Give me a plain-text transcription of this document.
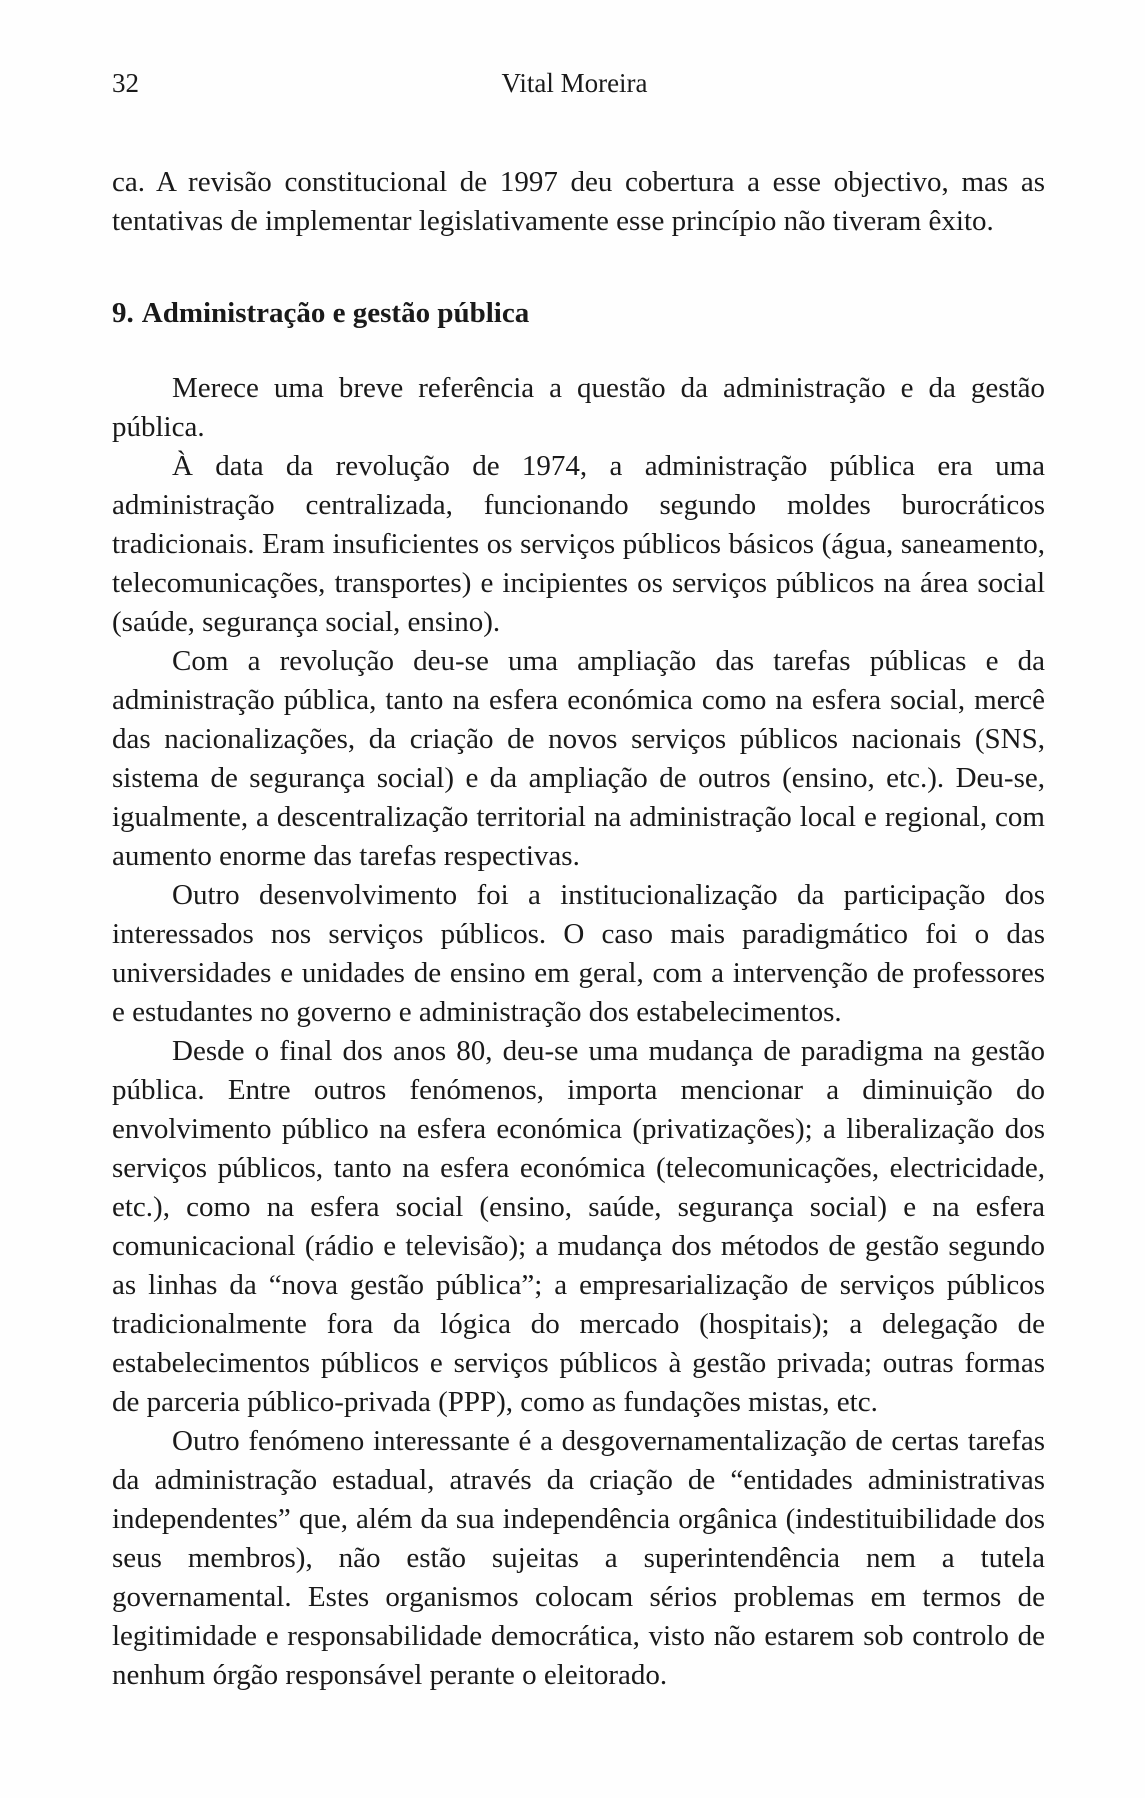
32	Vital Moreira

ca. A revisão constitucional de 1997 deu cobertura a esse objectivo, mas as tentativas de implementar legislativamente esse princípio não tiveram êxito.

9. Administração e gestão pública

Merece uma breve referência a questão da administração e da gestão pública.

À data da revolução de 1974, a administração pública era uma administração centralizada, funcionando segundo moldes burocráticos tradicionais. Eram insuficientes os serviços públicos básicos (água, saneamento, telecomunicações, transportes) e incipientes os serviços públicos na área social (saúde, segurança social, ensino).

Com a revolução deu-se uma ampliação das tarefas públicas e da administração pública, tanto na esfera económica como na esfera social, mercê das nacionalizações, da criação de novos serviços públicos nacionais (SNS, sistema de segurança social) e da ampliação de outros (ensino, etc.). Deu-se, igualmente, a descentralização territorial na administração local e regional, com aumento enorme das tarefas respectivas.

Outro desenvolvimento foi a institucionalização da participação dos interessados nos serviços públicos. O caso mais paradigmático foi o das universidades e unidades de ensino em geral, com a intervenção de professores e estudantes no governo e administração dos estabelecimentos.

Desde o final dos anos 80, deu-se uma mudança de paradigma na gestão pública. Entre outros fenómenos, importa mencionar a diminuição do envolvimento público na esfera económica (privatizações); a liberalização dos serviços públicos, tanto na esfera económica (telecomunicações, electricidade, etc.), como na esfera social (ensino, saúde, segurança social) e na esfera comunicacional (rádio e televisão); a mudança dos métodos de gestão segundo as linhas da “nova gestão pública”; a empresarialização de serviços públicos tradicionalmente fora da lógica do mercado (hospitais); a delegação de estabelecimentos públicos e serviços públicos à gestão privada; outras formas de parceria público-privada (PPP), como as fundações mistas, etc.

Outro fenómeno interessante é a desgovernamentalização de certas tarefas da administração estadual, através da criação de “entidades administrativas independentes” que, além da sua independência orgânica (indestituibilidade dos seus membros), não estão sujeitas a superintendência nem a tutela governamental. Estes organismos colocam sérios problemas em termos de legitimidade e responsabilidade democrática, visto não estarem sob controlo de nenhum órgão responsável perante o eleitorado.
